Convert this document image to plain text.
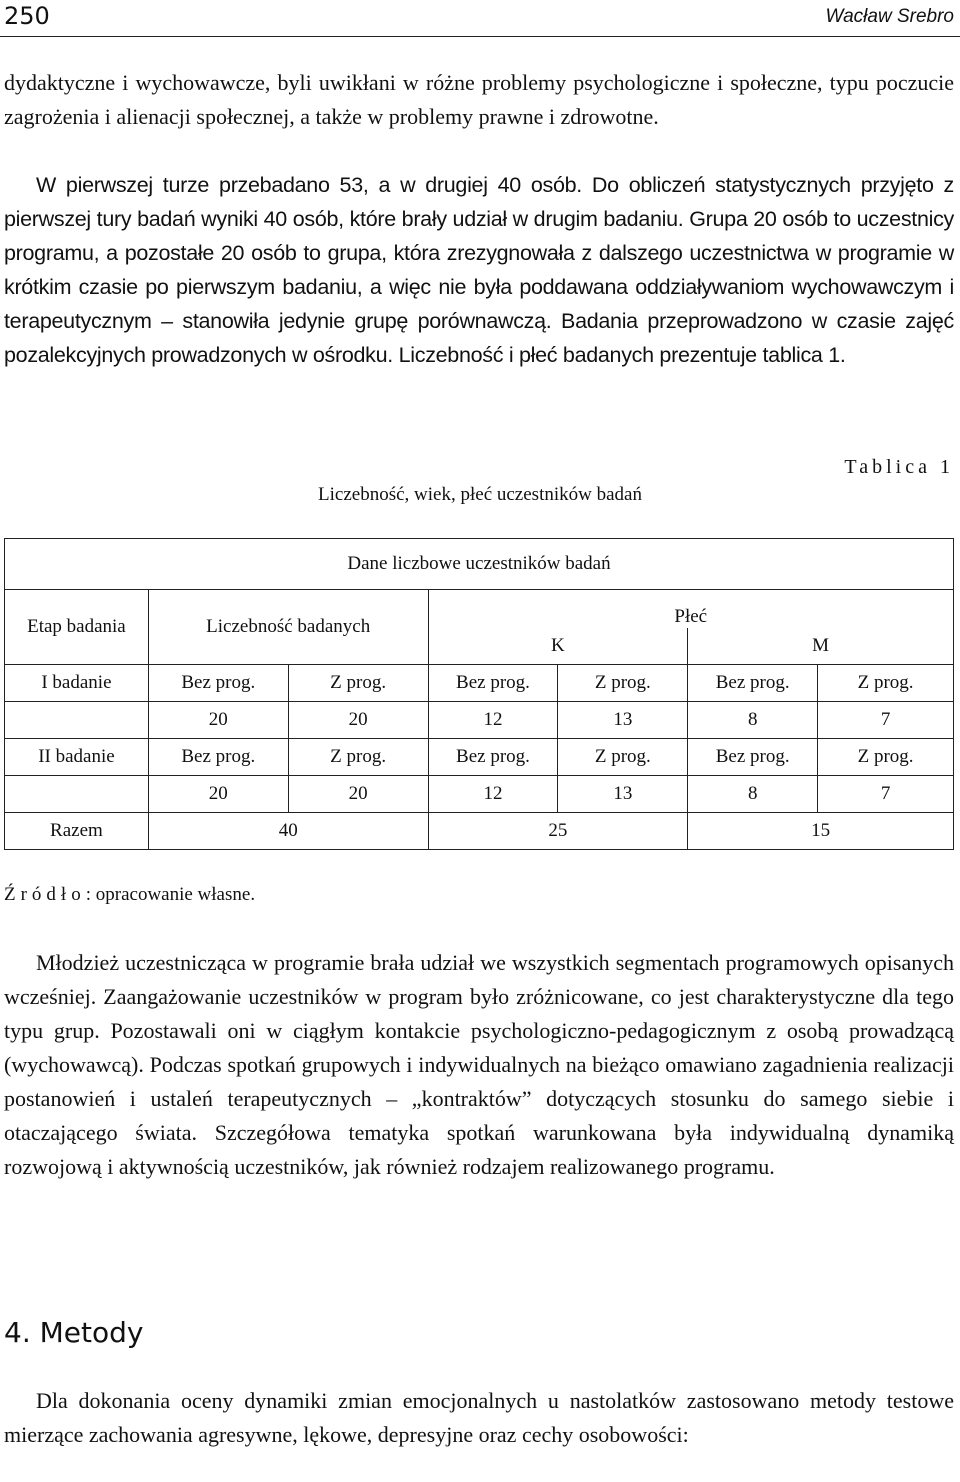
250	Wacław Srebro

dydaktyczne i wychowawcze, byli uwikłani w różne problemy psychologiczne i społeczne, typu poczucie zagrożenia i alienacji społecznej, a także w problemy prawne i zdrowotne.

W pierwszej turze przebadano 53, a w drugiej 40 osób. Do obliczeń statystycznych przyjęto z pierwszej tury badań wyniki 40 osób, które brały udział w drugim badaniu. Grupa 20 osób to uczestnicy programu, a pozostałe 20 osób to grupa, która zrezygnowała z dalszego uczestnictwa w programie w krótkim czasie po pierwszym badaniu, a więc nie była poddawana oddziaływaniom wychowawczym i terapeutycznym – stanowiła jedynie grupę porównawczą. Badania przeprowadzono w czasie zajęć pozalekcyjnych prowadzonych w ośrodku. Liczebność i płeć badanych prezentuje tablica 1.

Tablica 1
Liczebność, wiek, płeć uczestników badań
Dane liczbowe uczestników badań						
Etap badania	Liczebność badanych		Płeć			
			K		M	
I badanie	Bez prog.	Z prog.	Bez prog.	Z prog.	Bez prog.	Z prog.
	20	20	12	13	8	7
II badanie	Bez prog.	Z prog.	Bez prog.	Z prog.	Bez prog.	Z prog.
	20	20	12	13	8	7
Razem	40		25		15	
Źródło: opracowanie własne.

Młodzież uczestnicząca w programie brała udział we wszystkich segmentach programowych opisanych wcześniej. Zaangażowanie uczestników w program było zróżnicowane, co jest charakterystyczne dla tego typu grup. Pozostawali oni w ciągłym kontakcie psychologiczno-pedagogicznym z osobą prowadzącą (wychowawcą). Podczas spotkań grupowych i indywidualnych na bieżąco omawiano zagadnienia realizacji postanowień i ustaleń terapeutycznych – „kontraktów” dotyczących stosunku do samego siebie i otaczającego świata. Szczegółowa tematyka spotkań warunkowana była indywidualną dynamiką rozwojową i aktywnością uczestników, jak również rodzajem realizowanego programu.

4. Metody

Dla dokonania oceny dynamiki zmian emocjonalnych u nastolatków zastosowano metody testowe mierzące zachowania agresywne, lękowe, depresyjne oraz cechy osobowości:
